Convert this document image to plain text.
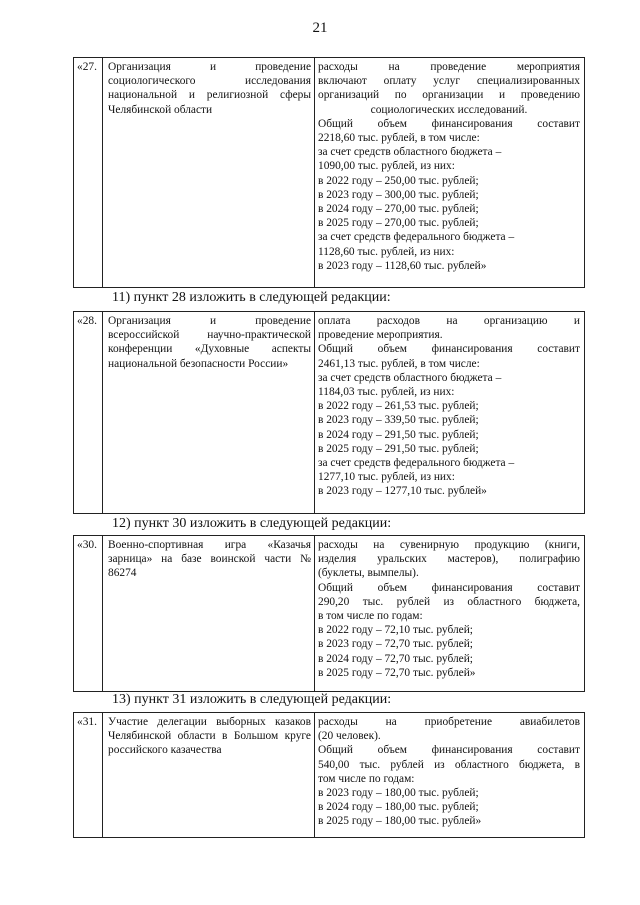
21
«27. Организация и проведение социологического исследования национальной и религиозной сферы Челябинской области
расходы на проведение мероприятия
включают оплату услуг специализированных
организаций по организации и проведению
социологических исследований.
Общий объем финансирования составит
2218,60 тыс. рублей, в том числе:
за счет средств областного бюджета –
1090,00 тыс. рублей, из них:
в 2022 году – 250,00 тыс. рублей;
в 2023 году – 300,00 тыс. рублей;
в 2024 году – 270,00 тыс. рублей;
в 2025 году – 270,00 тыс. рублей;
за счет средств федерального бюджета –
1128,60 тыс. рублей, из них:
в 2023 году – 1128,60 тыс. рублей»
11) пункт 28 изложить в следующей редакции:
«28. Организация и проведение всероссийской научно-практической конференции «Духовные аспекты национальной безопасности России»
оплата расходов на организацию и
проведение мероприятия.
Общий объем финансирования составит
2461,13 тыс. рублей, в том числе:
за счет средств областного бюджета –
1184,03 тыс. рублей, из них:
в 2022 году – 261,53 тыс. рублей;
в 2023 году – 339,50 тыс. рублей;
в 2024 году – 291,50 тыс. рублей;
в 2025 году – 291,50 тыс. рублей;
за счет средств федерального бюджета –
1277,10 тыс. рублей, из них:
в 2023 году – 1277,10 тыс. рублей»
12) пункт 30 изложить в следующей редакции:
«30. Военно-спортивная игра «Казачья зарница» на базе воинской части № 86274
расходы на сувенирную продукцию (книги,
изделия уральских мастеров), полиграфию
(буклеты, вымпелы).
Общий объем финансирования составит
290,20 тыс. рублей из областного бюджета,
в том числе по годам:
в 2022 году – 72,10 тыс. рублей;
в 2023 году – 72,70 тыс. рублей;
в 2024 году – 72,70 тыс. рублей;
в 2025 году – 72,70 тыс. рублей»
13) пункт 31 изложить в следующей редакции:
«31. Участие делегации выборных казаков Челябинской области в Большом круге российского казачества
расходы на приобретение авиабилетов
(20 человек).
Общий объем финансирования составит
540,00 тыс. рублей из областного бюджета, в
том числе по годам:
в 2023 году – 180,00 тыс. рублей;
в 2024 году – 180,00 тыс. рублей;
в 2025 году – 180,00 тыс. рублей»
